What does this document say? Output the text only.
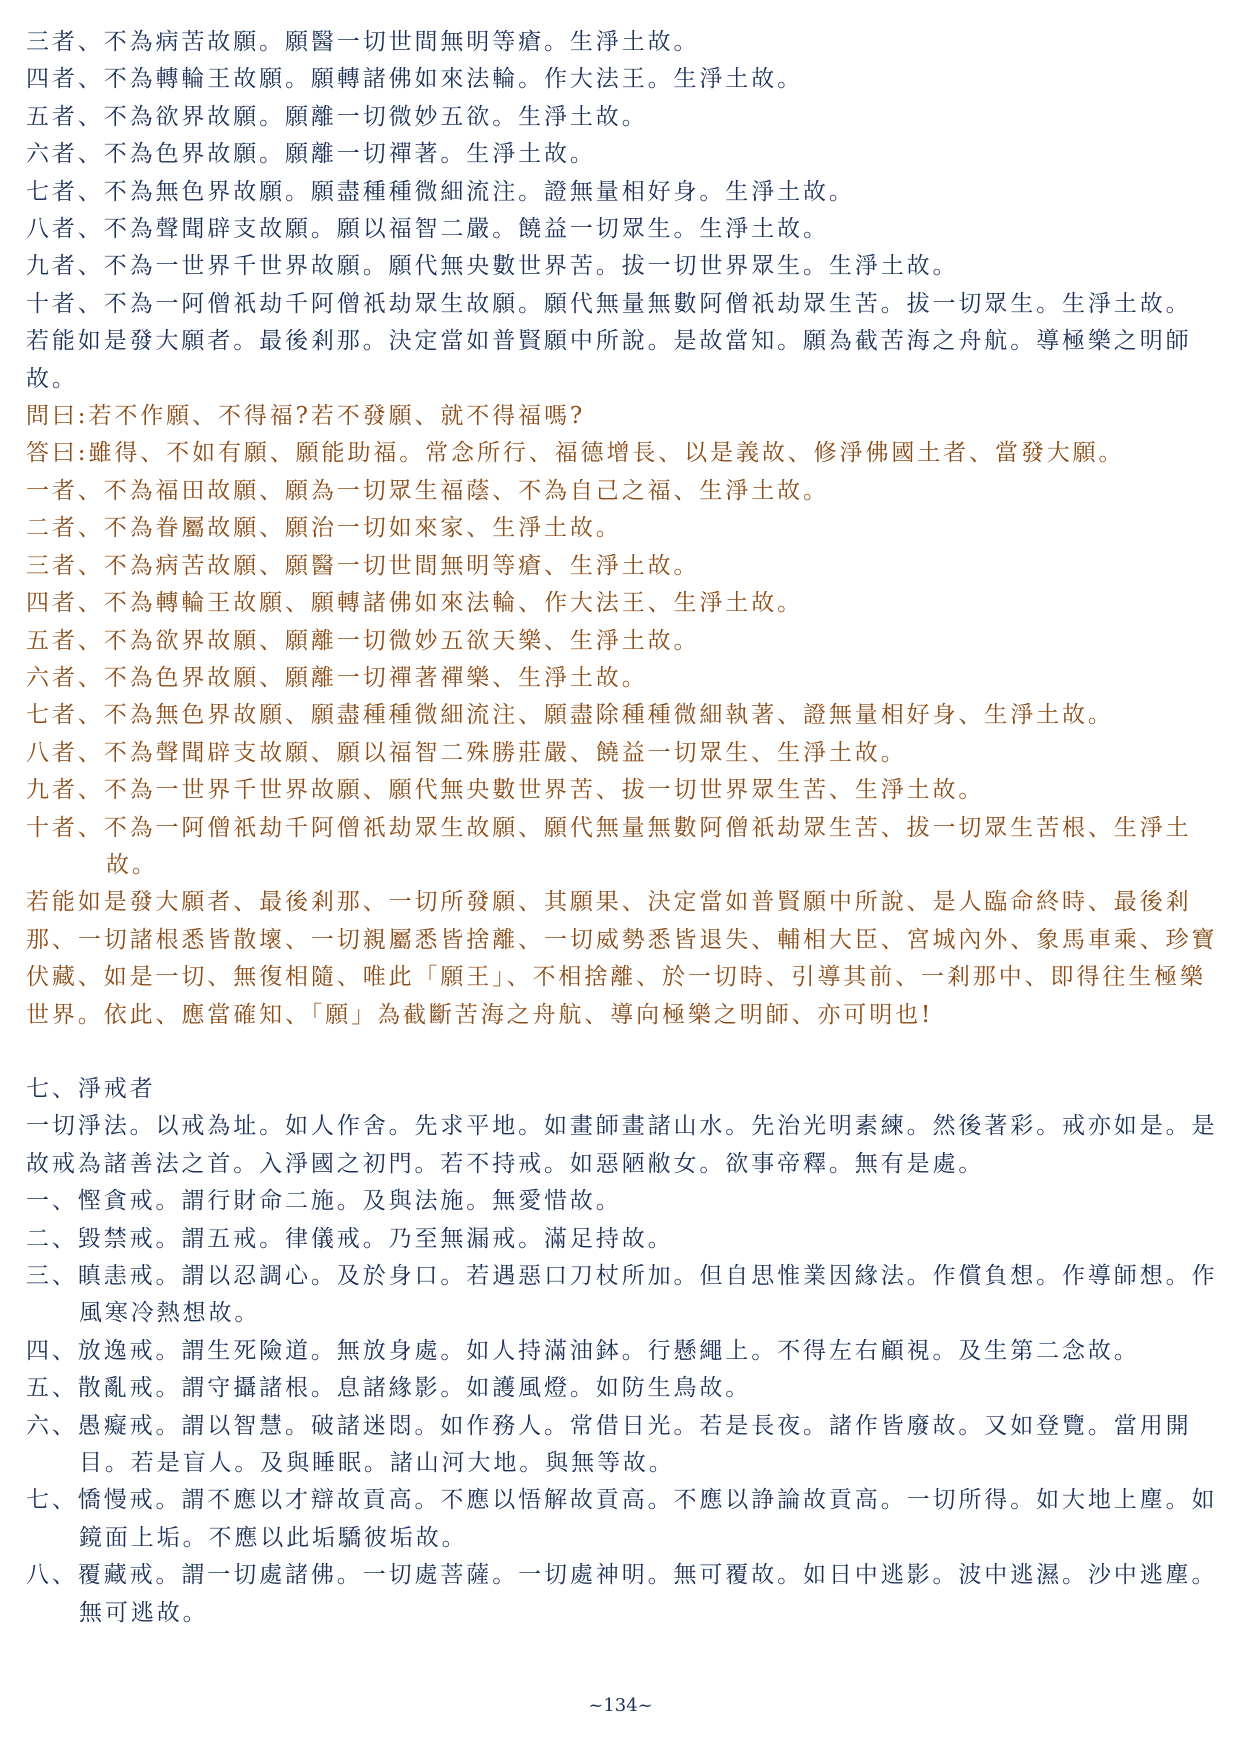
三者、不為病苦故願。願醫一切世間無明等瘡。生淨土故。
四者、不為轉輪王故願。願轉諸佛如來法輪。作大法王。生淨土故。
五者、不為欲界故願。願離一切微妙五欲。生淨土故。
六者、不為色界故願。願離一切禪著。生淨土故。
七者、不為無色界故願。願盡種種微細流注。證無量相好身。生淨土故。
八者、不為聲聞辟支故願。願以福智二嚴。饒益一切眾生。生淨土故。
九者、不為一世界千世界故願。願代無央數世界苦。拔一切世界眾生。生淨土故。
十者、不為一阿僧祇劫千阿僧祇劫眾生故願。願代無量無數阿僧祇劫眾生苦。拔一切眾生。生淨土故。
若能如是發大願者。最後剎那。決定當如普賢願中所說。是故當知。願為截苦海之舟航。導極樂之明師故。
問曰:若不作願、不得福?若不發願、就不得福嗎?
答曰:雖得、不如有願、願能助福。常念所行、福德增長、以是義故、修淨佛國土者、當發大願。
一者、不為福田故願、願為一切眾生福蔭、不為自己之福、生淨土故。
二者、不為眷屬故願、願治一切如來家、生淨土故。
三者、不為病苦故願、願醫一切世間無明等瘡、生淨土故。
四者、不為轉輪王故願、願轉諸佛如來法輪、作大法王、生淨土故。
五者、不為欲界故願、願離一切微妙五欲天樂、生淨土故。
六者、不為色界故願、願離一切禪著禪樂、生淨土故。
七者、不為無色界故願、願盡種種微細流注、願盡除種種微細執著、證無量相好身、生淨土故。
八者、不為聲聞辟支故願、願以福智二殊勝莊嚴、饒益一切眾生、生淨土故。
九者、不為一世界千世界故願、願代無央數世界苦、拔一切世界眾生苦、生淨土故。
十者、不為一阿僧祇劫千阿僧祇劫眾生故願、願代無量無數阿僧祇劫眾生苦、拔一切眾生苦根、生淨土故。
若能如是發大願者、最後剎那、一切所發願、其願果、決定當如普賢願中所說、是人臨命終時、最後剎那、一切諸根悉皆散壞、一切親屬悉皆捨離、一切威勢悉皆退失、輔相大臣、宮城內外、象馬車乘、珍寶伏藏、如是一切、無復相隨、唯此「願王」、不相捨離、於一切時、引導其前、一剎那中、即得往生極樂世界。依此、應當確知、「願」為截斷苦海之舟航、導向極樂之明師、亦可明也!
七、淨戒者
一切淨法。以戒為址。如人作舍。先求平地。如畫師畫諸山水。先治光明素練。然後著彩。戒亦如是。是故戒為諸善法之首。入淨國之初門。若不持戒。如惡陋敝女。欲事帝釋。無有是處。
一、慳貪戒。謂行財命二施。及與法施。無愛惜故。
二、毀禁戒。謂五戒。律儀戒。乃至無漏戒。滿足持故。
三、瞋恚戒。謂以忍調心。及於身口。若遇惡口刀杖所加。但自思惟業因緣法。作償負想。作導師想。作風寒冷熱想故。
四、放逸戒。謂生死險道。無放身處。如人持滿油鉢。行懸繩上。不得左右顧視。及生第二念故。
五、散亂戒。謂守攝諸根。息諸緣影。如護風燈。如防生鳥故。
六、愚癡戒。謂以智慧。破諸迷悶。如作務人。常借日光。若是長夜。諸作皆廢故。又如登覽。當用開目。若是盲人。及與睡眠。諸山河大地。與無等故。
七、憍慢戒。謂不應以才辯故貢高。不應以悟解故貢高。不應以諍論故貢高。一切所得。如大地上塵。如鏡面上垢。不應以此垢驕彼垢故。
八、覆藏戒。謂一切處諸佛。一切處菩薩。一切處神明。無可覆故。如日中逃影。波中逃濕。沙中逃塵。無可逃故。
~134~
